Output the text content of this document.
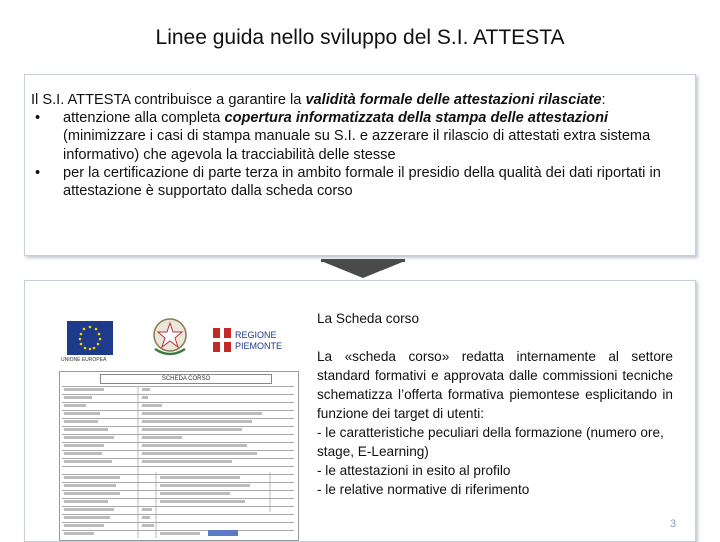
Linee guida nello sviluppo del S.I. ATTESTA

Il S.I. ATTESTA contribuisce a garantire la validità formale delle attestazioni rilasciate:

• attenzione alla completa copertura informatizzata della stampa delle attestazioni (minimizzare i casi di stampa manuale su S.I. e azzerare il rilascio di attestati extra sistema informativo) che agevola la tracciabilità delle stesse

• per la certificazione di parte terza in ambito formale il presidio della qualità dei dati riportati in attestazione è supportato dalla scheda corso

UNIONE EUROPEA
REGIONE
PIEMONTE
SCHEDA CORSO

La Scheda corso

La «scheda corso» redatta internamente al settore standard formativi e approvata dalle commissioni tecniche schematizza l’offerta formativa piemontese esplicitando in funzione dei target di utenti:

- le caratteristiche peculiari della formazione (numero ore, stage, E-Learning)

- le attestazioni in esito al profilo

- le relative normative di riferimento

3
